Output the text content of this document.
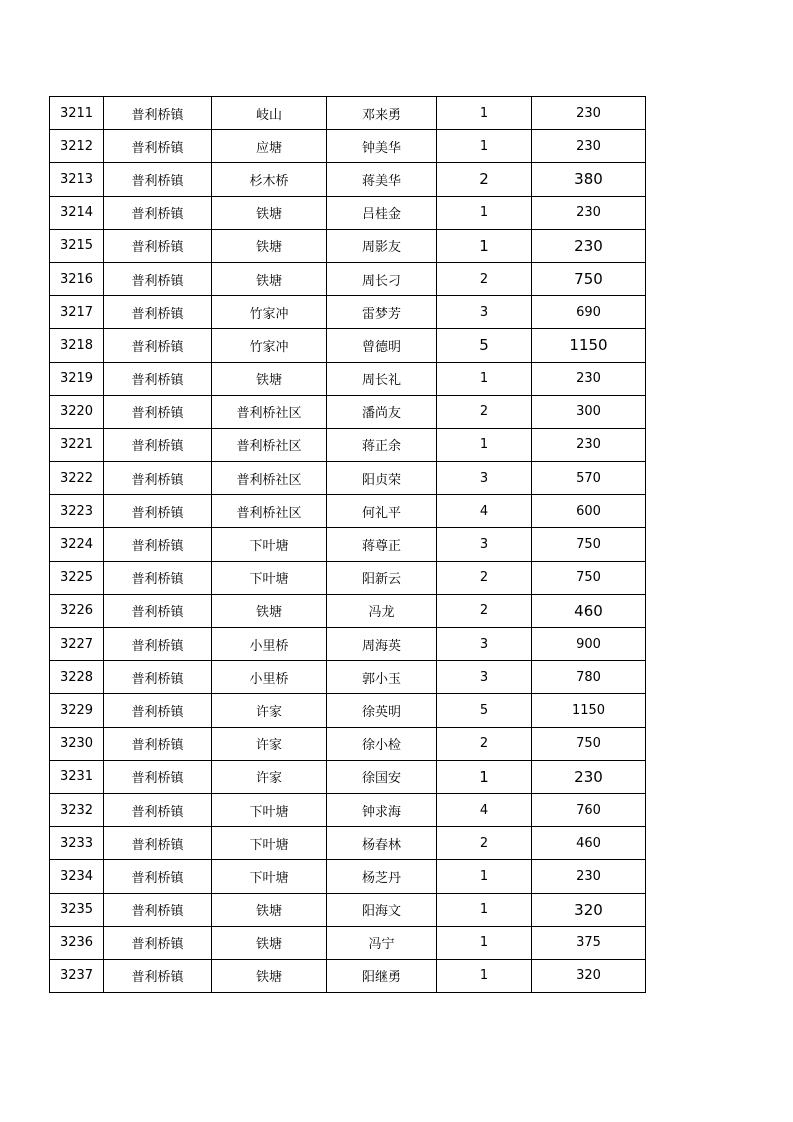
3211	普利桥镇	岐山	邓来勇	1	230
3212	普利桥镇	应塘	钟美华	1	230
3213	普利桥镇	杉木桥	蒋美华	2	380
3214	普利桥镇	铁塘	吕桂金	1	230
3215	普利桥镇	铁塘	周影友	1	230
3216	普利桥镇	铁塘	周长刁	2	750
3217	普利桥镇	竹家冲	雷梦芳	3	690
3218	普利桥镇	竹家冲	曾德明	5	1150
3219	普利桥镇	铁塘	周长礼	1	230
3220	普利桥镇	普利桥社区	潘尚友	2	300
3221	普利桥镇	普利桥社区	蒋正余	1	230
3222	普利桥镇	普利桥社区	阳贞荣	3	570
3223	普利桥镇	普利桥社区	何礼平	4	600
3224	普利桥镇	下叶塘	蒋尊正	3	750
3225	普利桥镇	下叶塘	阳新云	2	750
3226	普利桥镇	铁塘	冯龙	2	460
3227	普利桥镇	小里桥	周海英	3	900
3228	普利桥镇	小里桥	郭小玉	3	780
3229	普利桥镇	许家	徐英明	5	1150
3230	普利桥镇	许家	徐小检	2	750
3231	普利桥镇	许家	徐国安	1	230
3232	普利桥镇	下叶塘	钟求海	4	760
3233	普利桥镇	下叶塘	杨春林	2	460
3234	普利桥镇	下叶塘	杨芝丹	1	230
3235	普利桥镇	铁塘	阳海文	1	320
3236	普利桥镇	铁塘	冯宁	1	375
3237	普利桥镇	铁塘	阳继勇	1	320
